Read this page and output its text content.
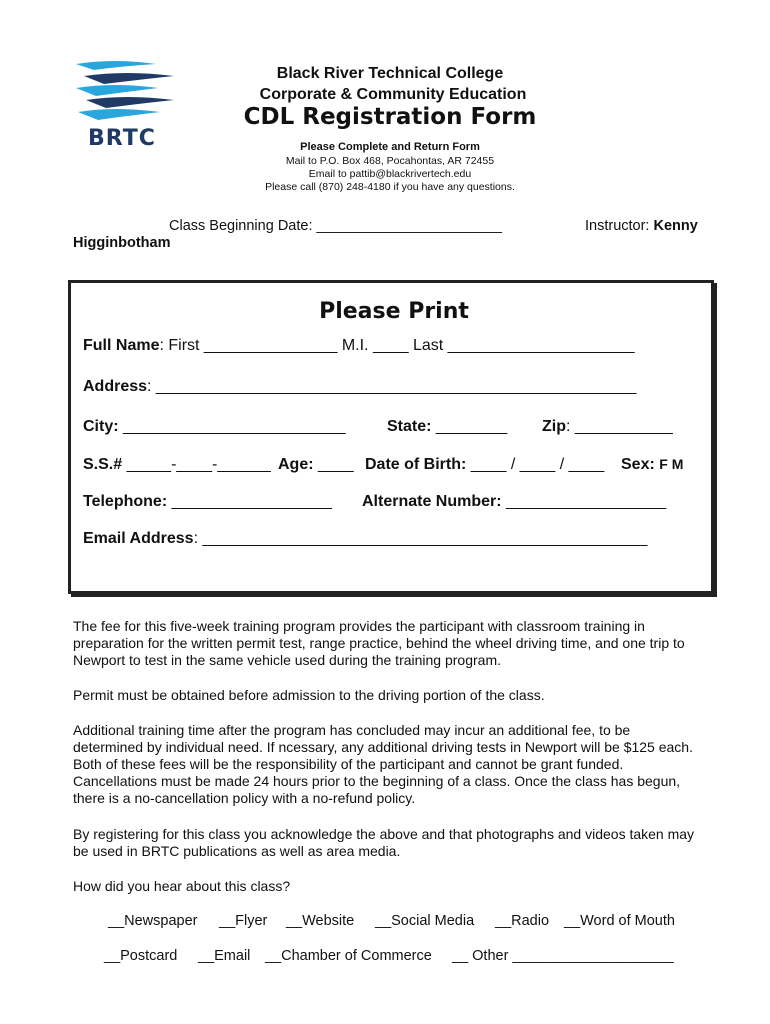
BRTC
Black River Technical College
Corporate & Community Education
CDL Registration Form
Please Complete and Return Form
Mail to P.O. Box 468, Pocahontas, AR 72455
Email to pattib@blackrivertech.edu
Please call (870) 248-4180 if you have any questions.
Class Beginning Date: _______________________	Instructor: Kenny
Higginbotham
Please Print
Full Name: First _______________ M.I. ____ Last _____________________
Address: ______________________________________________________
City: _________________________	State: ________ Zip: ___________
S.S.# _____-____-______ Age: ____ Date of Birth: ____ / ____ / ____ Sex: F M
Telephone: __________________ Alternate Number: __________________
Email Address: __________________________________________________
The fee for this five-week training program provides the participant with classroom training in preparation for the written permit test, range practice, behind the wheel driving time, and one trip to Newport to test in the same vehicle used during the training program.
Permit must be obtained before admission to the driving portion of the class.
Additional training time after the program has concluded may incur an additional fee, to be determined by individual need. If ncessary, any additional driving tests in Newport will be $125 each. Both of these fees will be the responsibility of the participant and cannot be grant funded. Cancellations must be made 24 hours prior to the beginning of a class. Once the class has begun, there is a no-cancellation policy with a no-refund policy.
By registering for this class you acknowledge the above and that photographs and videos taken may be used in BRTC publications as well as area media.
How did you hear about this class?
__Newspaper __Flyer __Website __Social Media __Radio __Word of Mouth
__Postcard __Email __Chamber of Commerce __ Other ____________________
